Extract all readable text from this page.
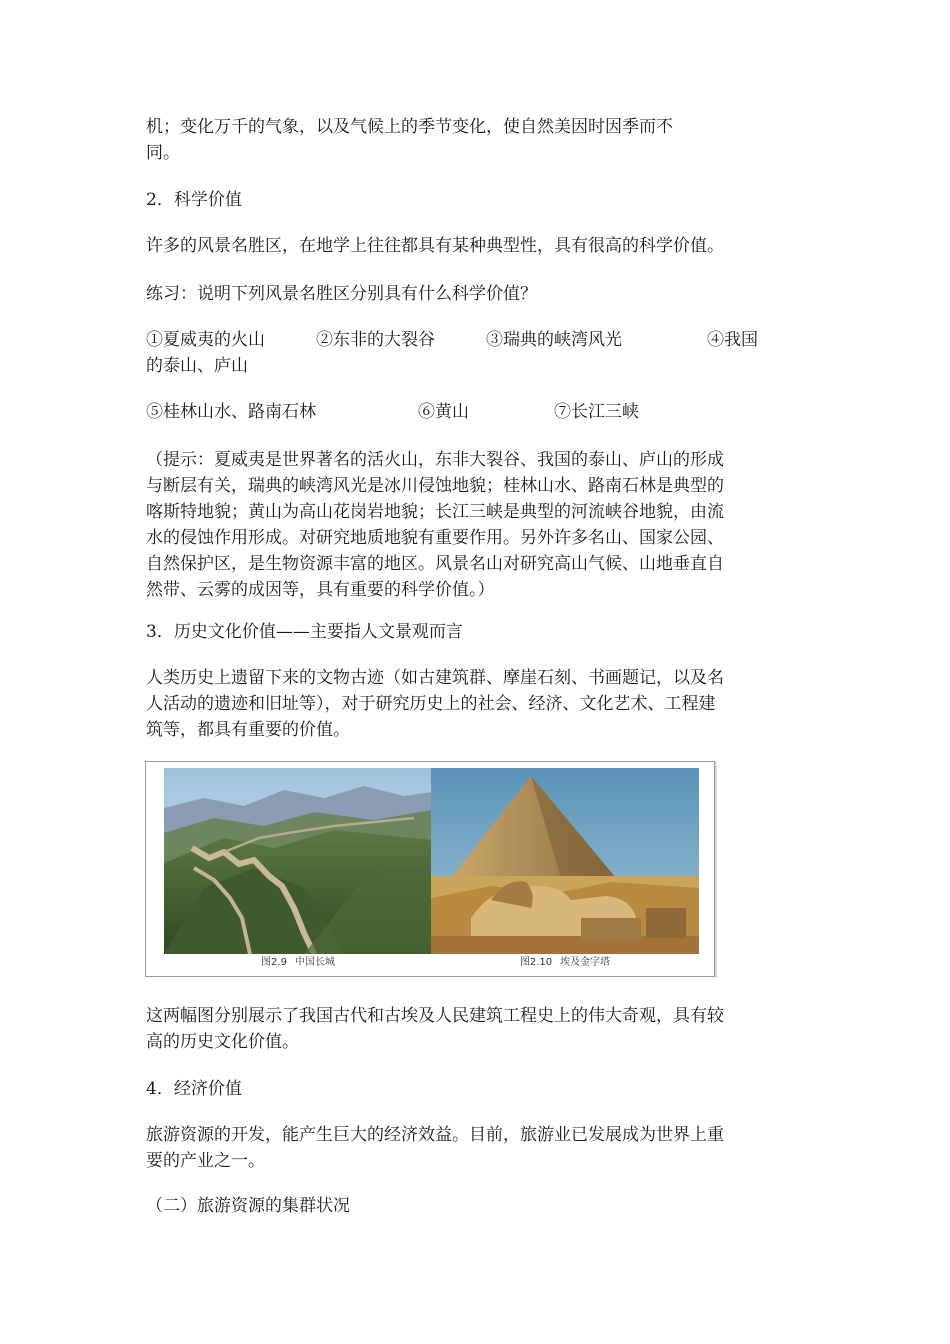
机；变化万千的气象，以及气候上的季节变化，使自然美因时因季而不
同。

2．科学价值

许多的风景名胜区，在地学上往往都具有某种典型性，具有很高的科学价值。

练习：说明下列风景名胜区分别具有什么科学价值？

①夏威夷的火山　　　②东非的大裂谷　　　③瑞典的峡湾风光　　　　　④我国
的泰山、庐山

⑤桂林山水、路南石林　　　　　　⑥黄山　　　　　⑦长江三峡

（提示：夏威夷是世界著名的活火山，东非大裂谷、我国的泰山、庐山的形成
与断层有关，瑞典的峡湾风光是冰川侵蚀地貌；桂林山水、路南石林是典型的
喀斯特地貌；黄山为高山花岗岩地貌；长江三峡是典型的河流峡谷地貌，由流
水的侵蚀作用形成。对研究地质地貌有重要作用。另外许多名山、国家公园、
自然保护区，是生物资源丰富的地区。风景名山对研究高山气候、山地垂直自
然带、云雾的成因等，具有重要的科学价值。）

3．历史文化价值——主要指人文景观而言

人类历史上遗留下来的文物古迹（如古建筑群、摩崖石刻、书画题记，以及名
人活动的遗迹和旧址等），对于研究历史上的社会、经济、文化艺术、工程建
筑等，都具有重要的价值。

图2.9 中国长城	图2.10 埃及金字塔

这两幅图分别展示了我国古代和古埃及人民建筑工程史上的伟大奇观，具有较
高的历史文化价值。

4．经济价值

旅游资源的开发，能产生巨大的经济效益。目前，旅游业已发展成为世界上重
要的产业之一。

（二）旅游资源的集群状况
